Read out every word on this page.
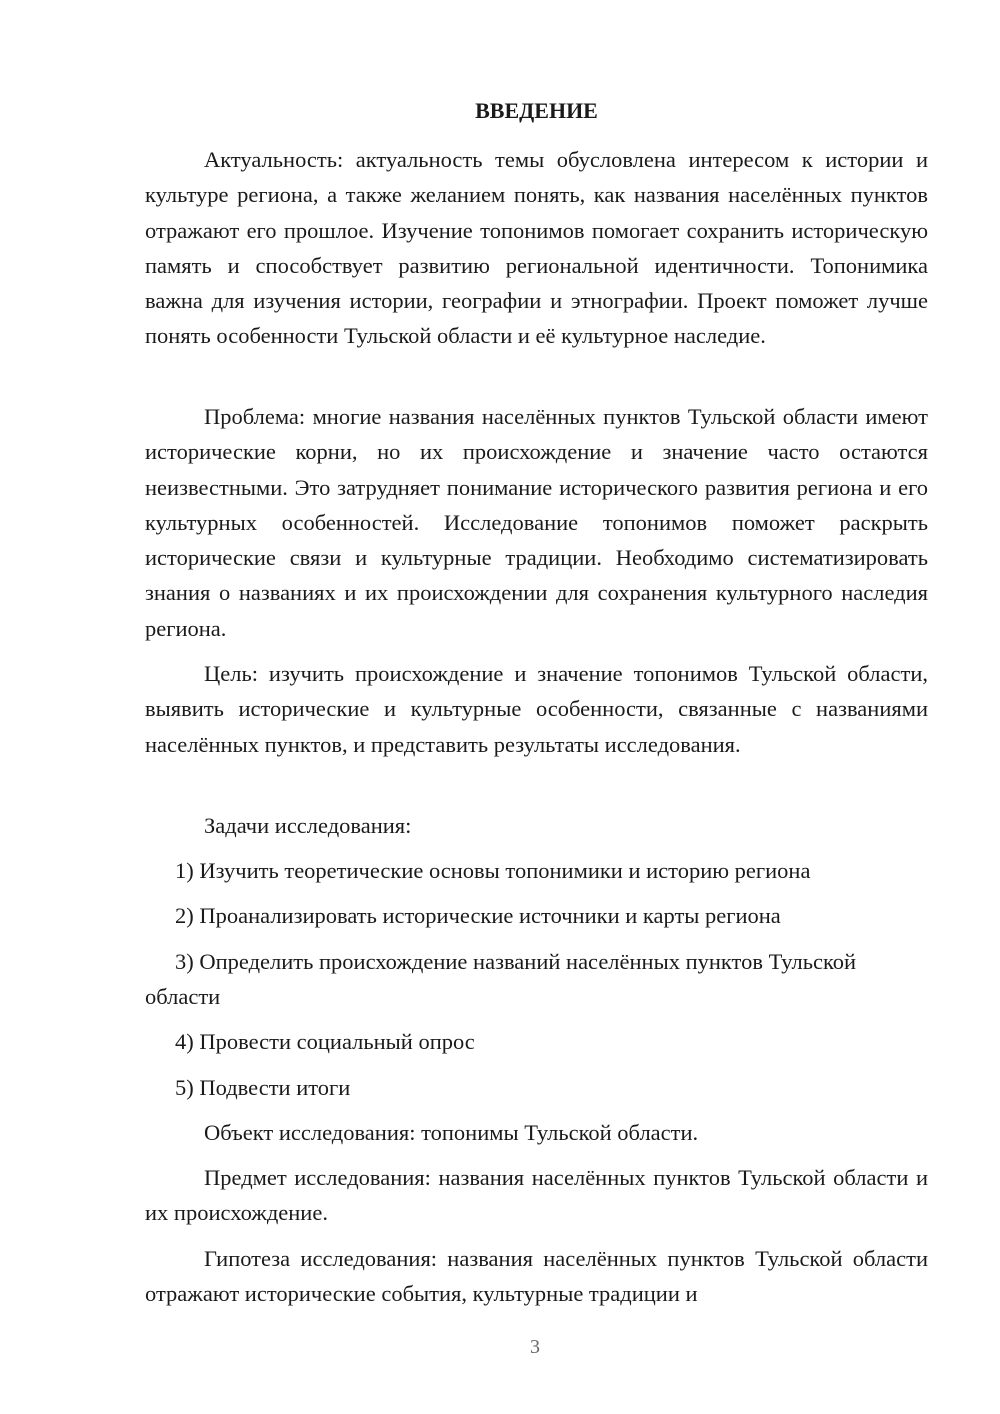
ВВЕДЕНИЕ

Актуальность: актуальность темы обусловлена интересом к истории и культуре региона, а также желанием понять, как названия населённых пунктов отражают его прошлое. Изучение топонимов помогает сохранить историческую память и способствует развитию региональной идентичности. Топонимика важна для изучения истории, географии и этнографии. Проект поможет лучше понять особенности Тульской области и её культурное наследие.

Проблема: многие названия населённых пунктов Тульской области имеют исторические корни, но их происхождение и значение часто остаются неизвестными. Это затрудняет понимание исторического развития региона и его культурных особенностей. Исследование топонимов поможет раскрыть исторические связи и культурные традиции. Необходимо систематизировать знания о названиях и их происхождении для сохранения культурного наследия региона.

Цель: изучить происхождение и значение топонимов Тульской области, выявить исторические и культурные особенности, связанные с названиями населённых пунктов, и представить результаты исследования.

Задачи исследования:

1) Изучить теоретические основы топонимики и историю региона

2) Проанализировать исторические источники и карты региона

3) Определить происхождение названий населённых пунктов Тульской области

4) Провести социальный опрос

5) Подвести итоги

Объект исследования: топонимы Тульской области.

Предмет исследования: названия населённых пунктов Тульской области и их происхождение.

Гипотеза исследования: названия населённых пунктов Тульской области отражают исторические события, культурные традиции и

3
